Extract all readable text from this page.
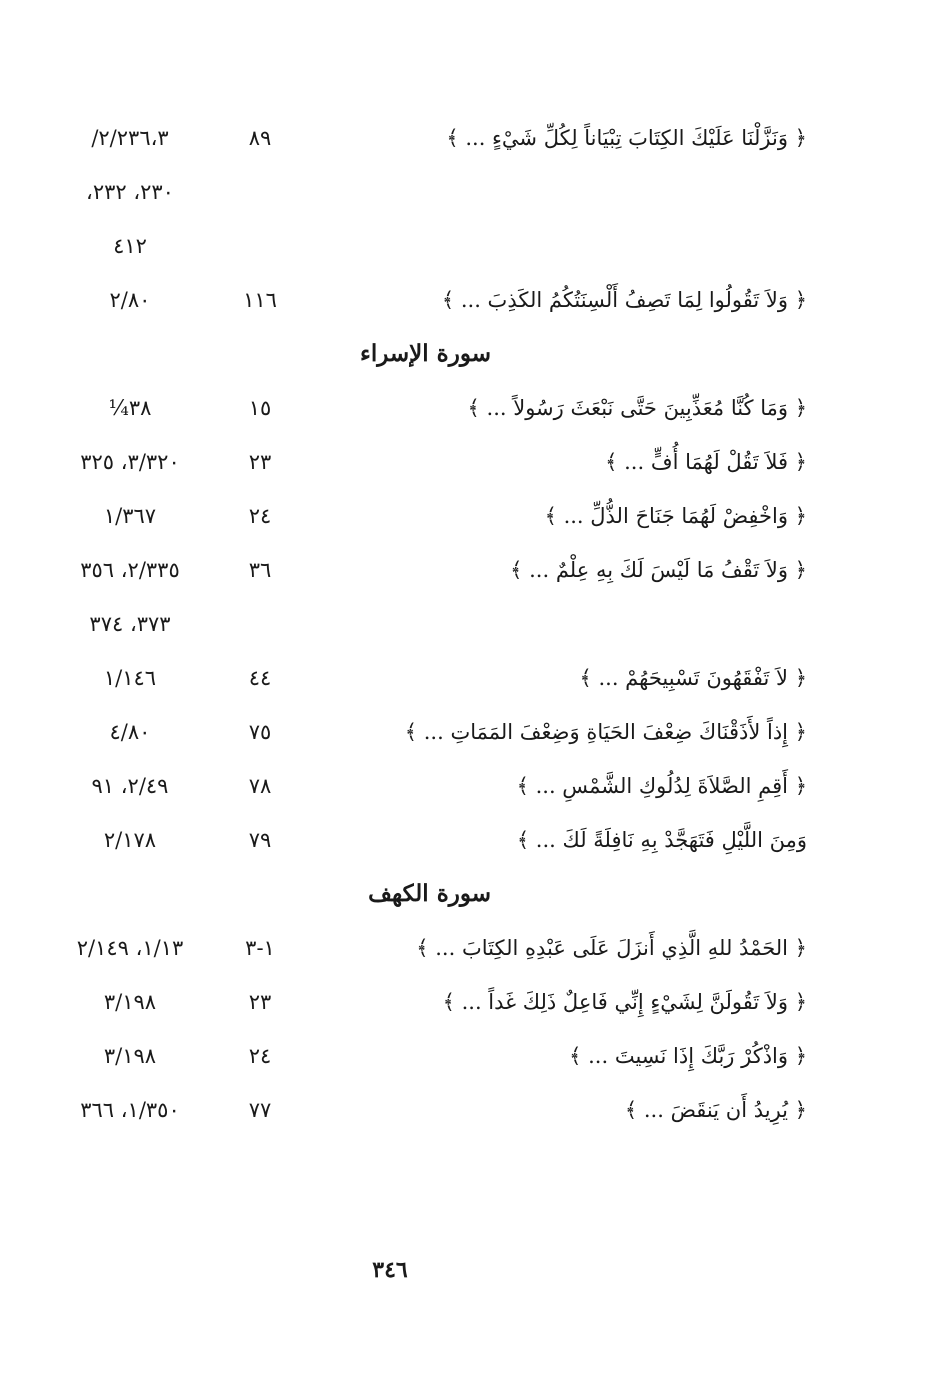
﴿ وَنَزَّلْنَا عَلَيْكَ الكِتَابَ تِبْيَاناً لِكُلِّ شَيْءٍ ... ﴾
٨٩
٢/٢٣٦،٣/
٢٣٠، ٢٣٢،
٤١٢
﴿ وَلاَ تَقُولُوا لِمَا تَصِفُ أَلْسِنَتُكُمُ الكَذِبَ ... ﴾
١١٦
٢/٨٠
سورة الإسراء
﴿ وَمَا كُنَّا مُعَذِّبِينَ حَتَّى نَبْعَثَ رَسُولاً ... ﴾
١٥
٣٨¼
﴿ فَلاَ تَقُلْ لَهُمَا أُفٍّ ... ﴾
٢٣
٣/٣٢٠، ٣٢٥
﴿ وَاخْفِضْ لَهُمَا جَنَاحَ الذُّلِّ ... ﴾
٢٤
١/٣٦٧
﴿ وَلاَ تَقْفُ مَا لَيْسَ لَكَ بِهِ عِلْمٌ ... ﴾
٣٦
٢/٣٣٥، ٣٥٦
٣٧٣، ٣٧٤
﴿ لاَ تَفْقَهُونَ تَسْبِيحَهُمْ ... ﴾
٤٤
١/١٤٦
﴿ إِذاً لأَذَقْنَاكَ ضِعْفَ الحَيَاةِ وَضِعْفَ المَمَاتِ ... ﴾
٧٥
٤/٨٠
﴿ أَقِمِ الصَّلاَةَ لِدُلُوكِ الشَّمْسِ ... ﴾
٧٨
٢/٤٩، ٩١
وَمِنَ اللَّيْلِ فَتَهَجَّدْ بِهِ نَافِلَةً لَكَ ... ﴾
٧٩
٢/١٧٨
سورة الكهف
﴿ الحَمْدُ للهِ الَّذِي أَنزَلَ عَلَى عَبْدِهِ الكِتَابَ ... ﴾
١-٣
١/١٣، ٢/١٤٩
﴿ وَلاَ تَقُولَنَّ لِشَيْءٍ إِنِّي فَاعِلٌ ذَلِكَ غَداً ... ﴾
٢٣
٣/١٩٨
﴿ وَاذْكُرْ رَبَّكَ إِذَا نَسِيتَ ... ﴾
٢٤
٣/١٩٨
﴿ يُرِيدُ أَن يَنقَضَ ... ﴾
٧٧
١/٣٥٠، ٣٦٦
٣٤٦
